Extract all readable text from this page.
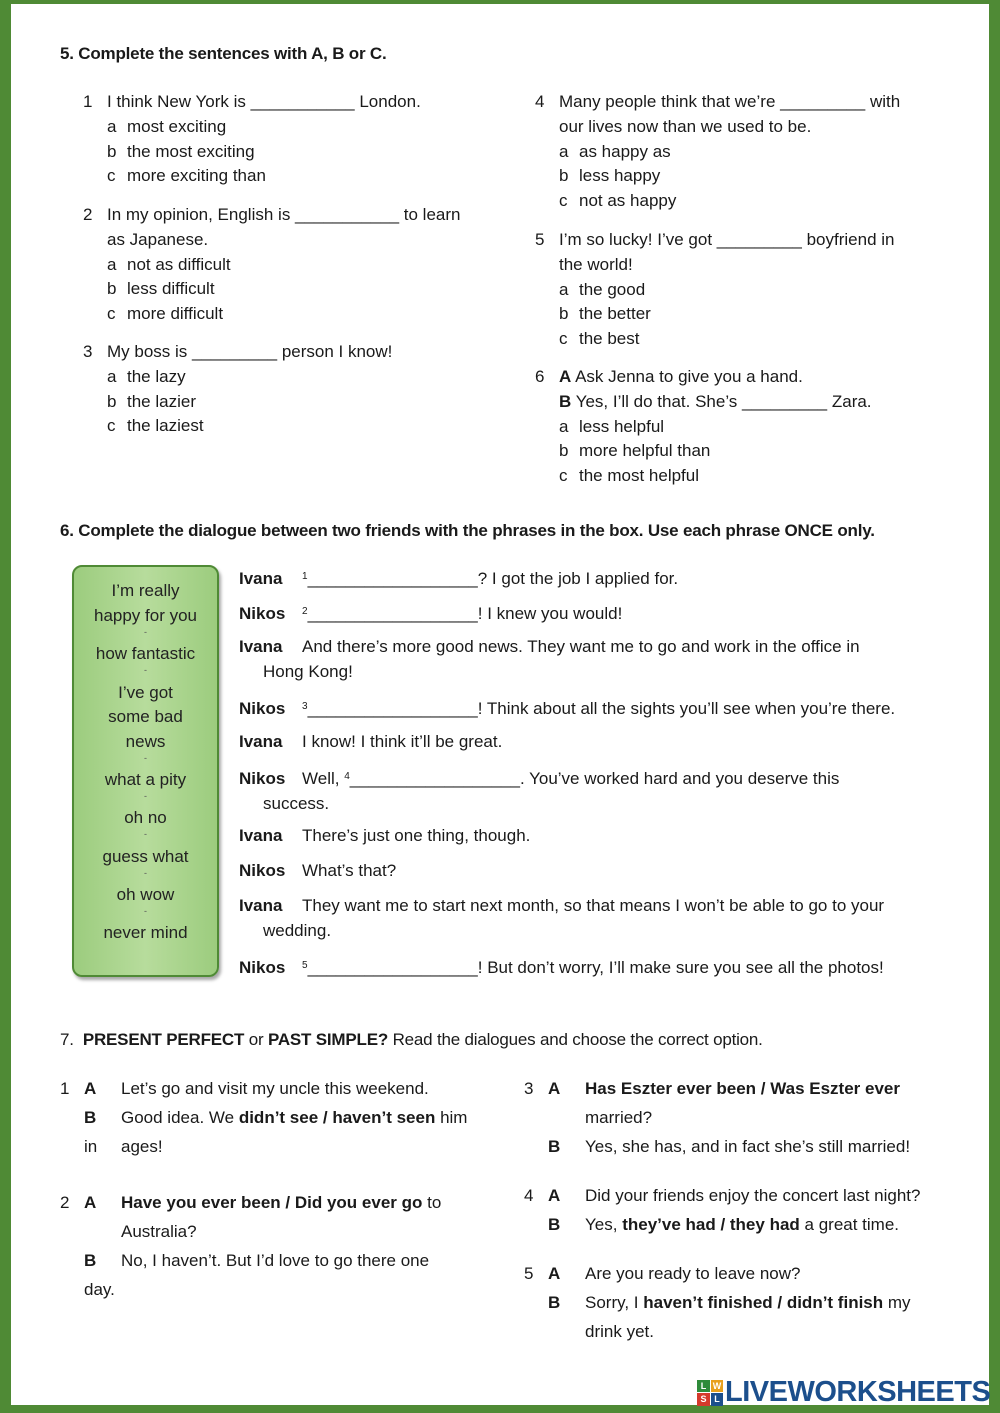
5. Complete the sentences with A, B or C.
1 I think New York is ___________ London.
a most exciting
b the most exciting
c more exciting than
2 In my opinion, English is ___________ to learn
as Japanese.
a not as difficult
b less difficult
c more difficult
3 My boss is _________ person I know!
a the lazy
b the lazier
c the laziest
4 Many people think that we’re _________ with
our lives now than we used to be.
a as happy as
b less happy
c not as happy
5 I’m so lucky! I’ve got _________ boyfriend in
the world!
a the good
b the better
c the best
6 A Ask Jenna to give you a hand.
B Yes, I’ll do that. She’s _________ Zara.
a less helpful
b more helpful than
c the most helpful
6. Complete the dialogue between two friends with the phrases in the box. Use each phrase ONCE only.
I’m really
happy for you
-
how fantastic
-
I’ve got
some bad
news
-
what a pity
-
oh no
-
guess what
-
oh wow
-
never mind
Ivana $^1$__________________? I got the job I applied for.
Nikos $^2$__________________! I knew you would!
Ivana And there’s more good news. They want me to go and work in the office in
Hong Kong!
Nikos $^3$__________________! Think about all the sights you’ll see when you’re there.
Ivana I know! I think it’ll be great.
Nikos Well, $^4$__________________. You’ve worked hard and you deserve this
success.
Ivana There’s just one thing, though.
Nikos What’s that?
Ivana They want me to start next month, so that means I won’t be able to go to your
wedding.
Nikos $^5$__________________! But don’t worry, I’ll make sure you see all the photos!
7. PRESENT PERFECT or PAST SIMPLE? Read the dialogues and choose the correct option.
1 A Let’s go and visit my uncle this weekend.
B Good idea. We didn’t see / haven’t seen him
in ages!
2 A Have you ever been / Did you ever go to
Australia?
B No, I haven’t. But I’d love to go there one
day.
3 A Has Eszter ever been / Was Eszter ever
married?
B Yes, she has, and in fact she’s still married!
4 A Did your friends enjoy the concert last night?
B Yes, they’ve had / they had a great time.
5 A Are you ready to leave now?
B Sorry, I haven’t finished / didn’t finish my
drink yet.
L W
S L LIVEWORKSHEETS
